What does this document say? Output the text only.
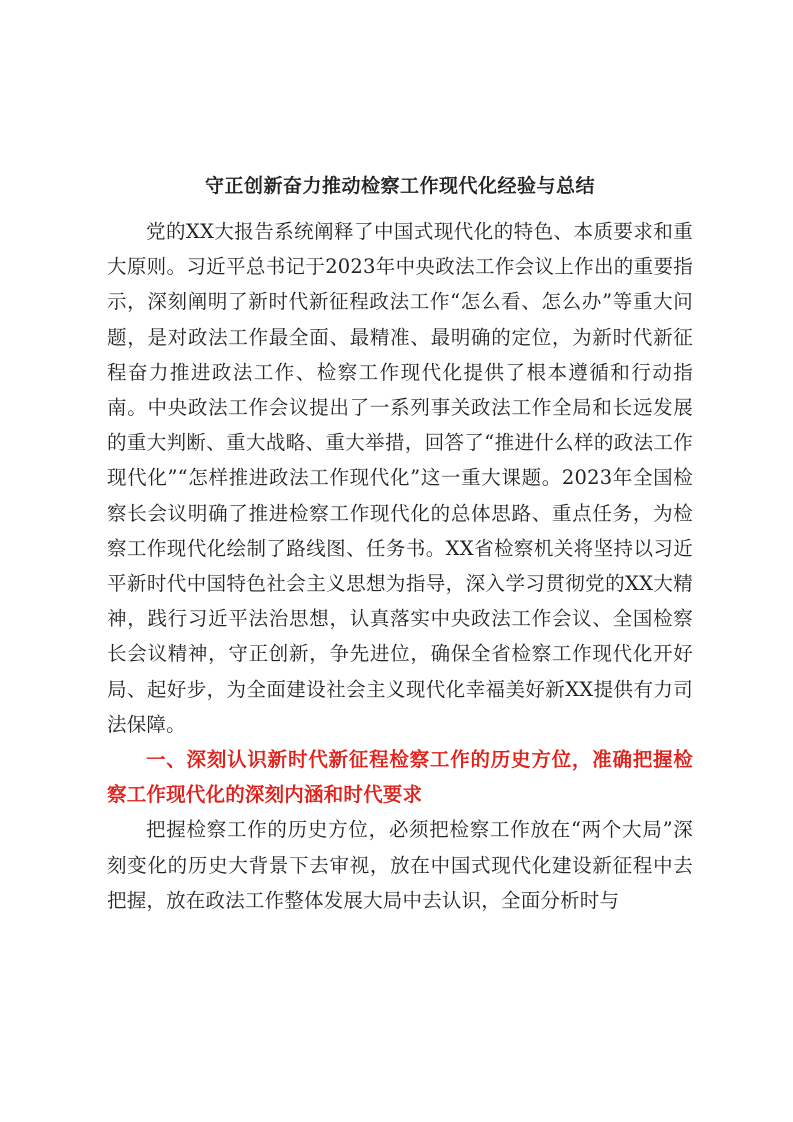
守正创新奋力推动检察工作现代化经验与总结

党的XX大报告系统阐释了中国式现代化的特色、本质要求和重大原则。习近平总书记于2023年中央政法工作会议上作出的重要指示，深刻阐明了新时代新征程政法工作“怎么看、怎么办”等重大问题，是对政法工作最全面、最精准、最明确的定位，为新时代新征程奋力推进政法工作、检察工作现代化提供了根本遵循和行动指南。中央政法工作会议提出了一系列事关政法工作全局和长远发展的重大判断、重大战略、重大举措，回答了“推进什么样的政法工作现代化”“怎样推进政法工作现代化”这一重大课题。2023年全国检察长会议明确了推进检察工作现代化的总体思路、重点任务，为检察工作现代化绘制了路线图、任务书。XX省检察机关将坚持以习近平新时代中国特色社会主义思想为指导，深入学习贯彻党的XX大精神，践行习近平法治思想，认真落实中央政法工作会议、全国检察长会议精神，守正创新，争先进位，确保全省检察工作现代化开好局、起好步，为全面建设社会主义现代化幸福美好新XX提供有力司法保障。

一、深刻认识新时代新征程检察工作的历史方位，准确把握检察工作现代化的深刻内涵和时代要求

把握检察工作的历史方位，必须把检察工作放在“两个大局”深刻变化的历史大背景下去审视，放在中国式现代化建设新征程中去把握，放在政法工作整体发展大局中去认识，全面分析时与
